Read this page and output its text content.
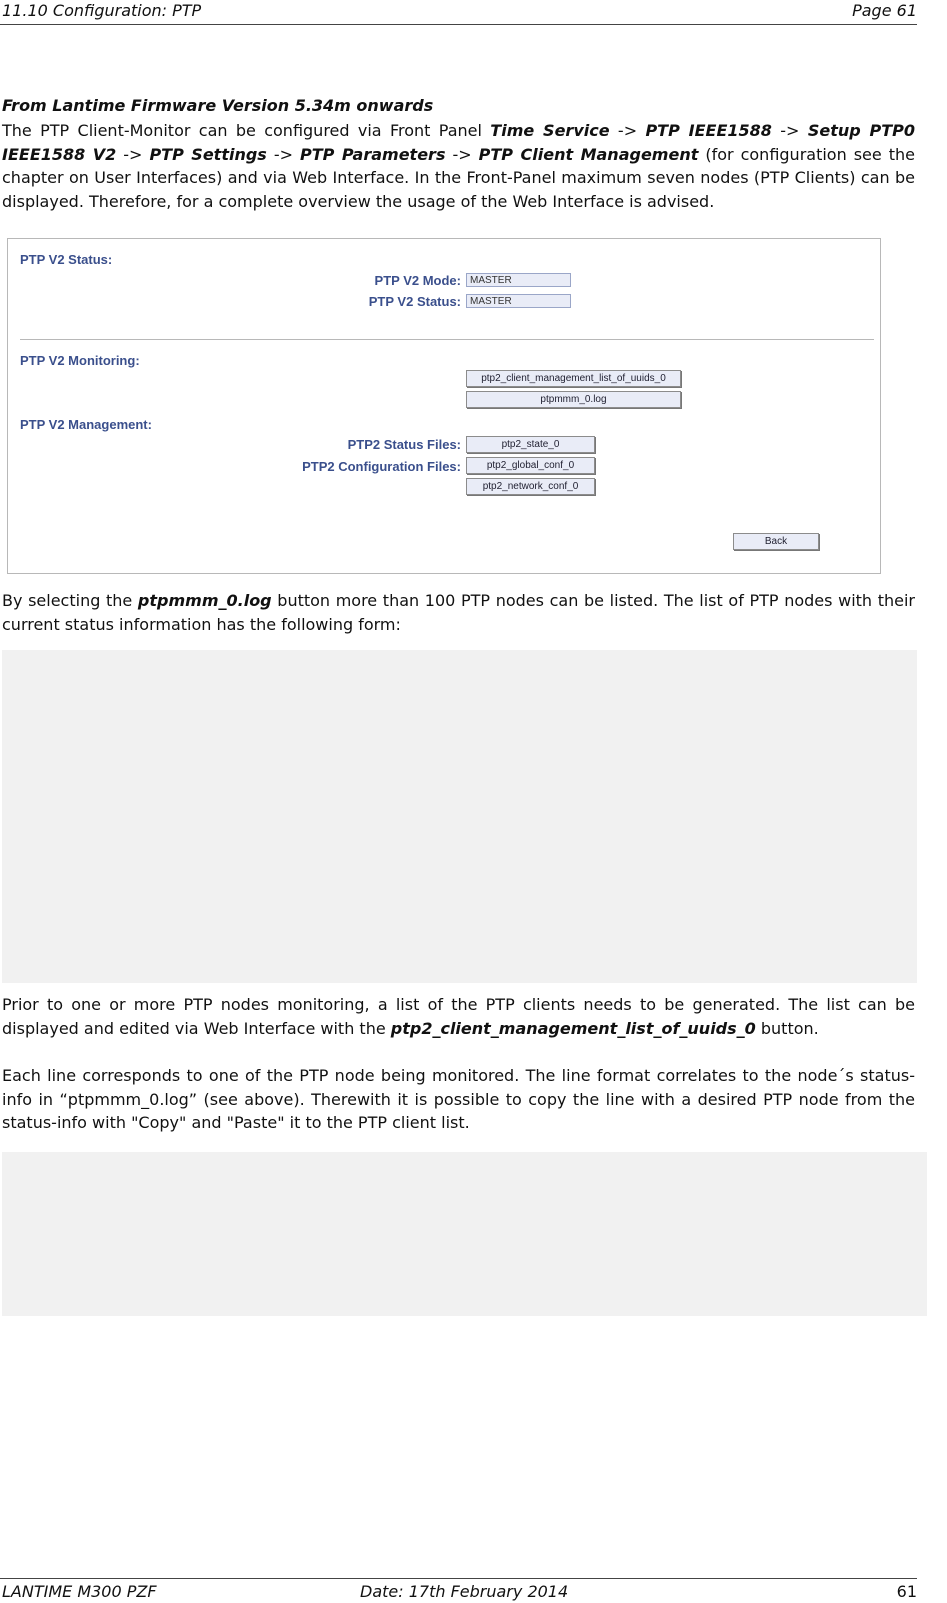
11.10 Configuration: PTP	Page 61
From Lantime Firmware Version 5.34m onwards
The PTP Client-Monitor can be configured via Front Panel Time Service -> PTP IEEE1588 -> Setup PTP0 IEEE1588 V2 -> PTP Settings -> PTP Parameters -> PTP Client Management (for configuration see the chapter on User Interfaces) and via Web Interface. In the Front-Panel maximum seven nodes (PTP Clients) can be displayed. Therefore, for a complete overview the usage of the Web Interface is advised.
PTP V2 Status:
PTP V2 Mode: MASTER
PTP V2 Status: MASTER
PTP V2 Monitoring:
ptp2_client_management_list_of_uuids_0
ptpmmm_0.log
PTP V2 Management:
PTP2 Status Files:	ptp2_state_0
PTP2 Configuration Files:	ptp2_global_conf_0
ptp2_network_conf_0
Back
By selecting the ptpmmm_0.log button more than 100 PTP nodes can be listed. The list of PTP nodes with their current status information has the following form:
Prior to one or more PTP nodes monitoring, a list of the PTP clients needs to be generated. The list can be displayed and edited via Web Interface with the ptp2_client_management_list_of_uuids_0 button.
Each line corresponds to one of the PTP node being monitored. The line format correlates to the node´s status-info in “ptpmmm_0.log” (see above). Therewith it is possible to copy the line with a desired PTP node from the status-info with "Copy" and "Paste" it to the PTP client list.
LANTIME M300 PZF	Date: 17th February 2014	61
